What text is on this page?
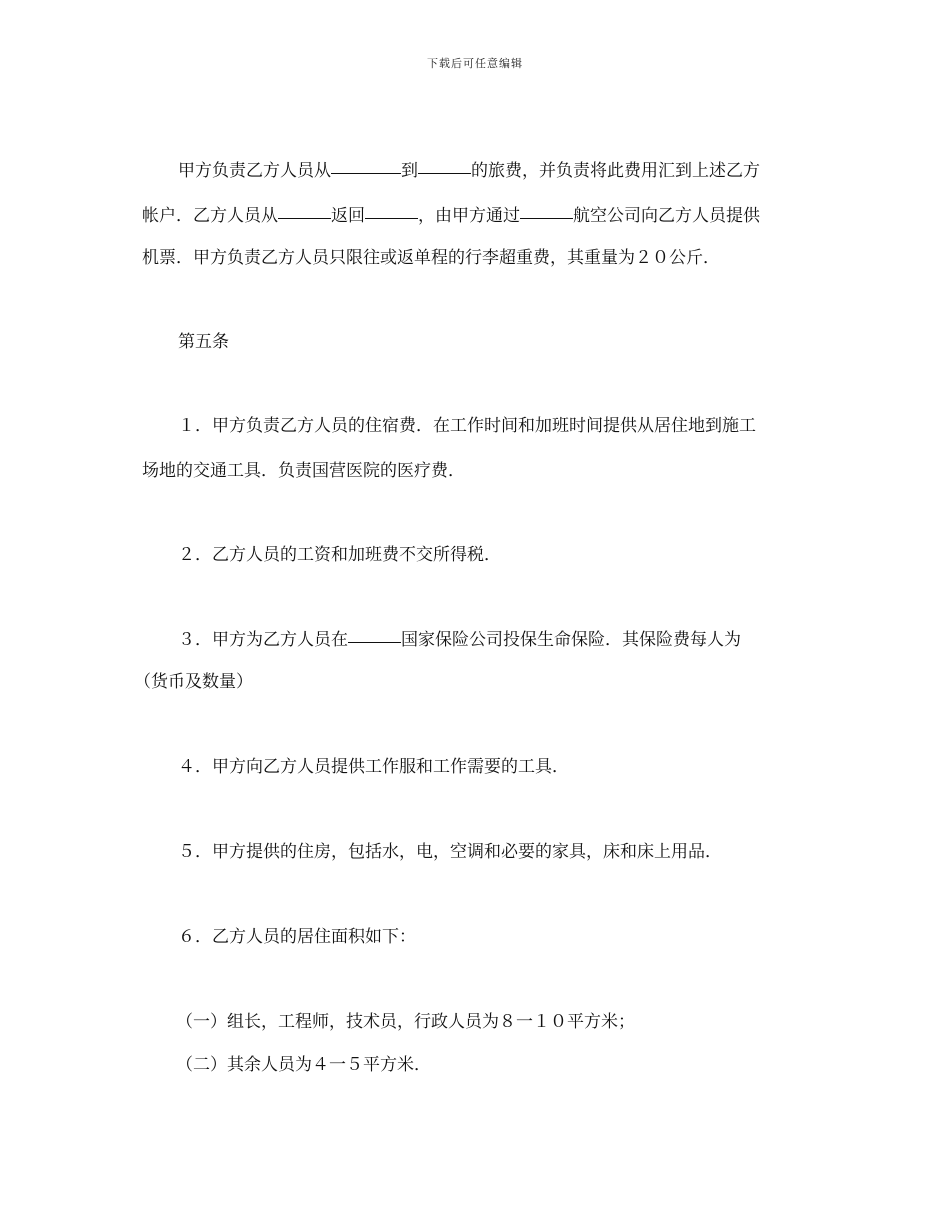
下载后可任意编辑
甲方负责乙方人员从	到	的旅费，并负责将此费用汇到上述乙方
帐户．乙方人员从	返回	，由甲方通过	航空公司向乙方人员提供
机票．甲方负责乙方人员只限往或返单程的行李超重费，其重量为２０公斤．
第五条
１．甲方负责乙方人员的住宿费．在工作时间和加班时间提供从居住地到施工
场地的交通工具．负责国营医院的医疗费．
２．乙方人员的工资和加班费不交所得税．
３．甲方为乙方人员在	国家保险公司投保生命保险．其保险费每人为
（货币及数量）
４．甲方向乙方人员提供工作服和工作需要的工具．
５．甲方提供的住房，包括水，电，空调和必要的家具，床和床上用品．
６．乙方人员的居住面积如下：
（一）组长，工程师，技术员，行政人员为８一１０平方米；
（二）其余人员为４一５平方米．
